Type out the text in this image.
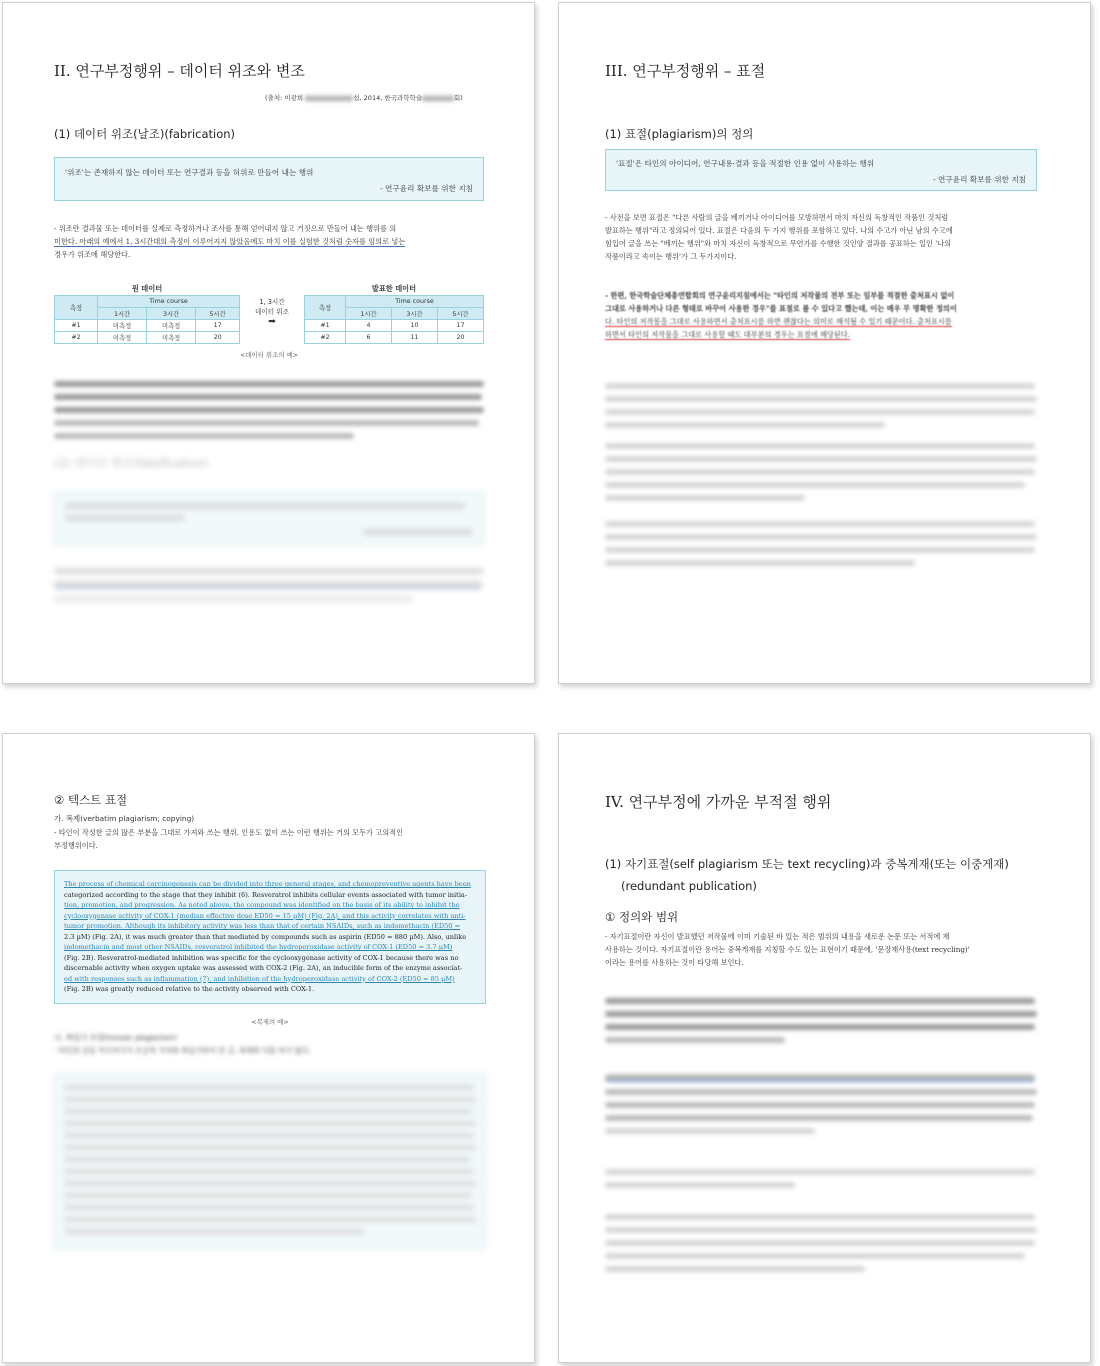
II. 연구부정행위 – 데이터 위조와 변조
(출처: 이광희	섭, 2014, 한국과학학술	회)
(1) 데이터 위조(날조)(fabrication)
'위조'는 존재하지 않는 데이터 또는 연구결과 등을 허위로 만들어 내는 행위
- 연구윤리 확보를 위한 지침
- 위조란 결과물 또는 데이터를 실제로 측정하거나 조사를 통해 얻어내지 않고 거짓으로 만들어 내는 행위를 의
미한다. 아래의 예에서 1, 3시간대의 측정이 이루어지지 않았음에도 마치 이를 실험한 것처럼 숫자를 임의로 넣는
경우가 위조에 해당한다.
원 데이터
측정	Time course		
	1시간	3시간	5시간
#1	미측정	미측정	17
#2	미측정	미측정	20
1, 3시간
데이터 위조
➡
발표한 데이터
측정	Time course		
	1시간	3시간	5시간
#1	4	10	17
#2	6	11	20
<데이터 위조의 예>
(2) 데이터 변조(falsification)
III. 연구부정행위 – 표절
(1) 표절(plagiarism)의 정의
'표절'은 타인의 아이디어, 연구내용·결과 등을 적절한 인용 없이 사용하는 행위
- 연구윤리 확보를 위한 지침
- 사전을 보면 표절은 "다른 사람의 글을 베끼거나 아이디어를 모방하면서 마치 자신의 독창적인 작품인 것처럼
발표하는 행위"라고 정의되어 있다. 표절은 다음의 두 가지 행위를 포함하고 있다. 나의 수고가 아닌 남의 수고에
힘입어 글을 쓰는 "베끼는 행위"와 마치 자신이 독창적으로 무언가를 수행한 것인양 결과를 공표하는 일인 '나의
작품이라고 속이는 행위'가 그 두가지이다.
- 한편, 한국학술단체총연합회의 연구윤리지침에서는 "타인의 저작물의 전부 또는 일부를 적절한 출처표시 없이
그대로 사용하거나 다른 형태로 바꾸어 사용한 경우"를 표절로 볼 수 있다고 했는데, 이는 매우 무 명확한 정의이
다. 타인의 저작물을 그대로 사용하면서 출처표시를 하면 괜찮다는 의미로 해석될 수 있기 때문이다. 출처표시를
하면서 타인의 저작물을 그대로 사용할 때도 대부분의 경우는 표절에 해당된다.
② 텍스트 표절
가. 복제(verbatim plagiarism; copying)
- 타인이 작성한 글의 많은 부분을 그대로 가져와 쓰는 행위. 인용도 없이 쓰는 이런 행위는 거의 모두가 고의적인
부정행위이다.
The process of chemical carcinogenesis can be divided into three general stages, and chemopreventive agents have been
categorized according to the stage that they inhibit (6). Resveratrol inhibits cellular events associated with tumor initia-
tion, promotion, and progression. As noted above, the compound was identified on the basis of its ability to inhibit the
cyclooxygenase activity of COX-1 (median effective dose ED50 = 15 µM) (Fig. 2A), and this activity correlates with anti-
tumor promotion. Although its inhibitory activity was less than that of certain NSAIDs, such as indomethacin (ED50 =
2.3 µM) (Fig. 2A), it was much greater than that mediated by compounds such as aspirin (ED50 = 880 µM). Also, unlike
indomethacin and most other NSAIDs, resveratrol inhibited the hydroperoxidase activity of COX-1 (ED50 = 3.7 µM)
(Fig. 2B). Resveratrol-mediated inhibition was specific for the cyclooxygenase activity of COX-1 because there was no
discernable activity when oxygen uptake was assessed with COX-2 (Fig. 2A), an inducible form of the enzyme associat-
ed with responses such as inflammation (7), and inhibition of the hydroperoxidase activity of COX-2 (ED50 = 85 µM)
(Fig. 2B) was greatly reduced relative to the activity observed with COX-1.
<복제의 예>
나. 짜깁기 표절(mosaic plagiarism)
- 타인의 글을 여기저기서 조금씩 가져와 짜깁기하여 쓴 글. 복제와 다를 바가 없다.
IV. 연구부정에 가까운 부적절 행위
(1) 자기표절(self plagiarism 또는 text recycling)과 중복게재(또는 이중게재)
(redundant publication)
① 정의와 범위
- 자기표절이란 자신이 발표했던 저작물에 이미 기술된 바 있는 적은 범위의 내용을 새로운 논문 또는 서적에 재
사용하는 것이다. 자기표절이란 용어는 중복게재를 지칭할 수도 있는 표현이기 때문에, '문장재사용(text recycling)'
이라는 용어를 사용하는 것이 타당해 보인다.
